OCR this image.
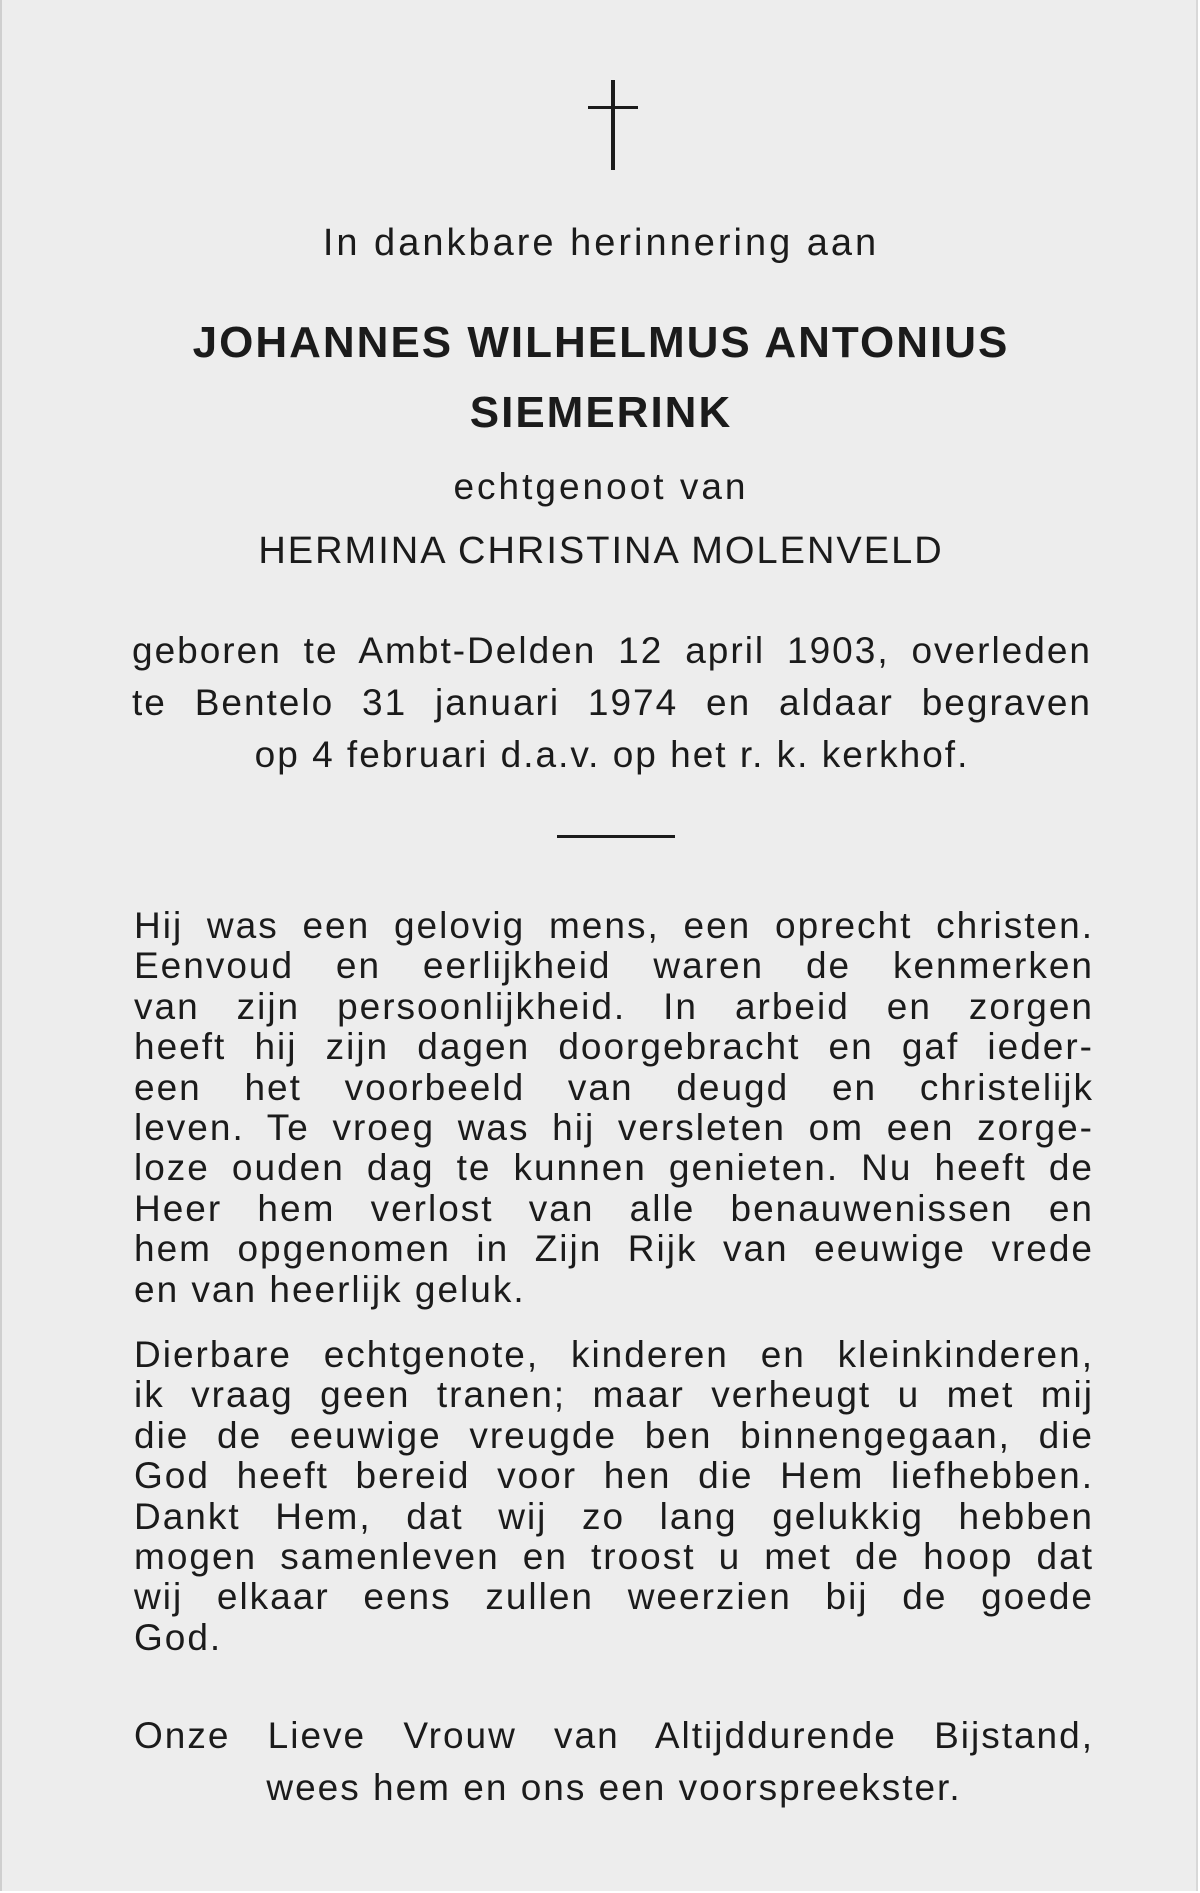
In dankbare herinnering aan
JOHANNES WILHELMUS ANTONIUS
SIEMERINK
echtgenoot van
HERMINA CHRISTINA MOLENVELD
geboren te Ambt-Delden 12 april 1903, overleden
te Bentelo 31 januari 1974 en aldaar begraven
op 4 februari d.a.v. op het r. k. kerkhof.
Hij was een gelovig mens, een oprecht christen.
Eenvoud en eerlijkheid waren de kenmerken
van zijn persoonlijkheid. In arbeid en zorgen
heeft hij zijn dagen doorgebracht en gaf ieder-
een het voorbeeld van deugd en christelijk
leven. Te vroeg was hij versleten om een zorge-
loze ouden dag te kunnen genieten. Nu heeft de
Heer hem verlost van alle benauwenissen en
hem opgenomen in Zijn Rijk van eeuwige vrede
en van heerlijk geluk.
Dierbare echtgenote, kinderen en kleinkinderen,
ik vraag geen tranen; maar verheugt u met mij
die de eeuwige vreugde ben binnengegaan, die
God heeft bereid voor hen die Hem liefhebben.
Dankt Hem, dat wij zo lang gelukkig hebben
mogen samenleven en troost u met de hoop dat
wij elkaar eens zullen weerzien bij de goede
God.
Onze Lieve Vrouw van Altijddurende Bijstand,
wees hem en ons een voorspreekster.
